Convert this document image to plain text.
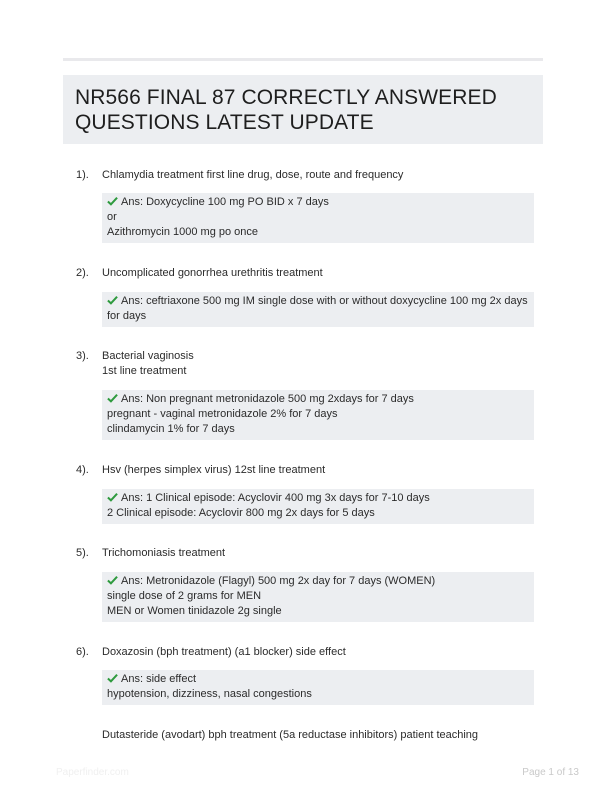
NR566 FINAL 87 CORRECTLY ANSWERED QUESTIONS LATEST UPDATE
1). Chlamydia treatment first line drug, dose, route and frequency
Ans: Doxycycline 100 mg PO BID x 7 days
or
Azithromycin 1000 mg po once
2). Uncomplicated gonorrhea urethritis treatment
Ans: ceftriaxone 500 mg IM single dose with or without doxycycline 100 mg 2x days for days
3). Bacterial vaginosis
1st line treatment
Ans: Non pregnant metronidazole 500 mg 2xdays for 7 days
pregnant - vaginal metronidazole 2% for 7 days
clindamycin 1% for 7 days
4). Hsv (herpes simplex virus) 12st line treatment
Ans: 1 Clinical episode: Acyclovir 400 mg 3x days for 7-10 days
2 Clinical episode: Acyclovir 800 mg 2x days for 5 days
5). Trichomoniasis treatment
Ans: Metronidazole (Flagyl) 500 mg 2x day for 7 days (WOMEN)
single dose of 2 grams for MEN
MEN or Women tinidazole 2g single
6). Doxazosin (bph treatment) (a1 blocker) side effect
Ans: side effect
hypotension, dizziness, nasal congestions
Dutasteride (avodart) bph treatment (5a reductase inhibitors) patient teaching
Paperfinder.com	Page 1 of 13
